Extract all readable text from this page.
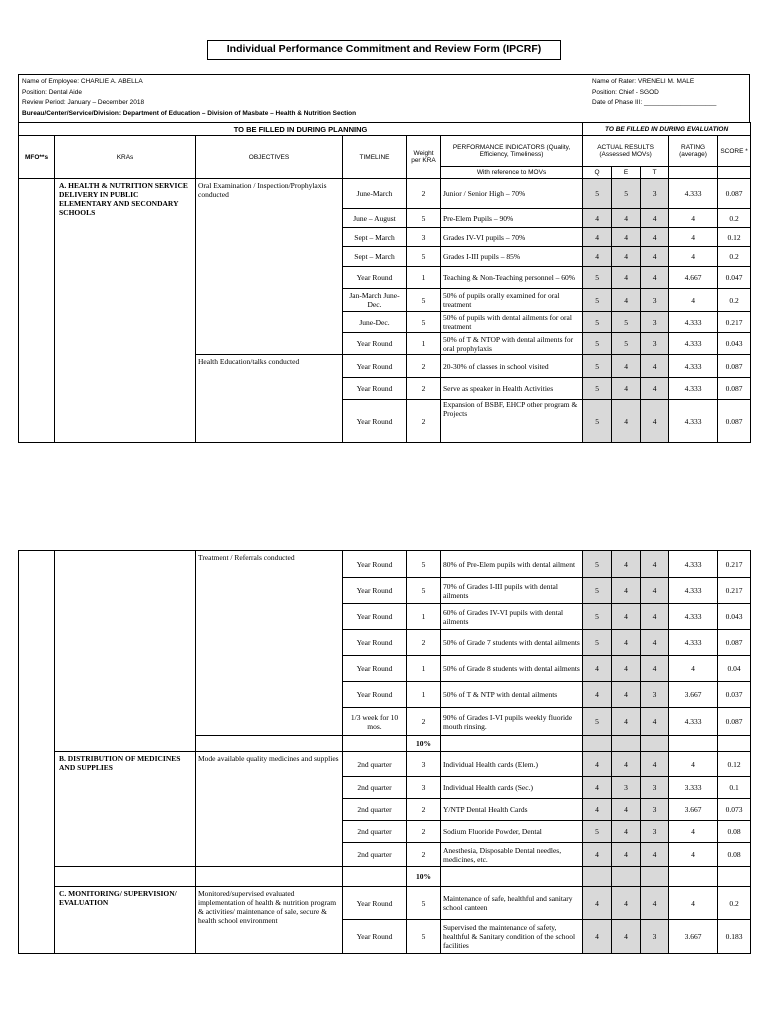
Individual Performance Commitment and Review Form (IPCRF)
Name of Employee: CHARLIE A. ABELLA
Position: Dental Aide
Review Period: January – December 2018
Bureau/Center/Service/Division: Department of Education – Division of Masbate – Health & Nutrition Section
Name of Rater: VRENELI M. MALE
Position: Chief - SGOD
Date of Phase III: ____________________
TO BE FILLED IN DURING PLANNING						TO BE FILLED IN DURING EVALUATION				
MFO**s	KRAs	OBJECTIVES	TIMELINE	Weight per KRA	PERFORMANCE INDICATORS (Quality, Efficiency, Timeliness)	ACTUAL RESULTS (Assessed MOVs)			RATING (average)	SCORE *
					With reference to MOVs	Q	E	T		
	A. HEALTH & NUTRITION SERVICE DELIVERY IN PUBLIC ELEMENTARY AND SECONDARY SCHOOLS	Oral Examination / Inspection/Prophylaxis conducted	June-March	2	Junior / Senior High – 70%	5	5	3	4.333	0.087
			June – August	5	Pre-Elem Pupils – 90%	4	4	4	4	0.2
			Sept – March	3	Grades IV-VI pupils – 70%	4	4	4	4	0.12
			Sept – March	5	Grades I-III pupils – 85%	4	4	4	4	0.2
			Year Round	1	Teaching & Non-Teaching personnel – 60%	5	4	4	4.667	0.047
			Jan-March June-Dec.	5	50% of pupils orally examined for oral treatment	5	4	3	4	0.2
			June-Dec.	5	50% of pupils with dental ailments for oral treatment	5	5	3	4.333	0.217
			Year Round	1	50% of T & NTOP with dental ailments for oral prophylaxis	5	5	3	4.333	0.043
		Health Education/talks conducted	Year Round	2	20-30% of classes in school visited	5	4	4	4.333	0.087
			Year Round	2	Serve as speaker in Health Activities	5	4	4	4.333	0.087
			Year Round	2	Expansion of BSBF, EHCP other program & Projects	5	4	4	4.333	0.087
		Treatment / Referrals conducted	Year Round	5	80% of Pre-Elem pupils with dental ailment	5	4	4	4.333	0.217
			Year Round	5	70% of Grades I-III pupils with dental ailments	5	4	4	4.333	0.217
			Year Round	1	60% of Grades IV-VI pupils with dental ailments	5	4	4	4.333	0.043
			Year Round	2	50% of Grade 7 students with dental ailments	5	4	4	4.333	0.087
			Year Round	1	50% of Grade 8 students with dental ailments	4	4	4	4	0.04
			Year Round	1	50% of T & NTP with dental ailments	4	4	3	3.667	0.037
			1/3 week for 10 mos.	2	90% of Grades I-VI pupils weekly fluoride mouth rinsing.	5	4	4	4.333	0.087
				10%						
	B. DISTRIBUTION OF MEDICINES AND SUPPLIES	Mode available quality medicines and supplies	2nd quarter	3	Individual Health cards (Elem.)	4	4	4	4	0.12
			2nd quarter	3	Individual Health cards (Sec.)	4	3	3	3.333	0.1
			2nd quarter	2	Y/NTP Dental Health Cards	4	4	3	3.667	0.073
			2nd quarter	2	Sodium Fluoride Powder, Dental	5	4	3	4	0.08
			2nd quarter	2	Anesthesia, Disposable Dental needles, medicines, etc.	4	4	4	4	0.08
				10%						
	C. MONITORING/ SUPERVISION/ EVALUATION	Monitored/supervised evaluated implementation of health & nutrition program & activities/ maintenance of sale, secure & health school environment	Year Round	5	Maintenance of safe, healthful and sanitary school canteen	4	4	4	4	0.2
			Year Round	5	Supervised the maintenance of safety, healthful & Sanitary condition of the school facilities	4	4	3	3.667	0.183
